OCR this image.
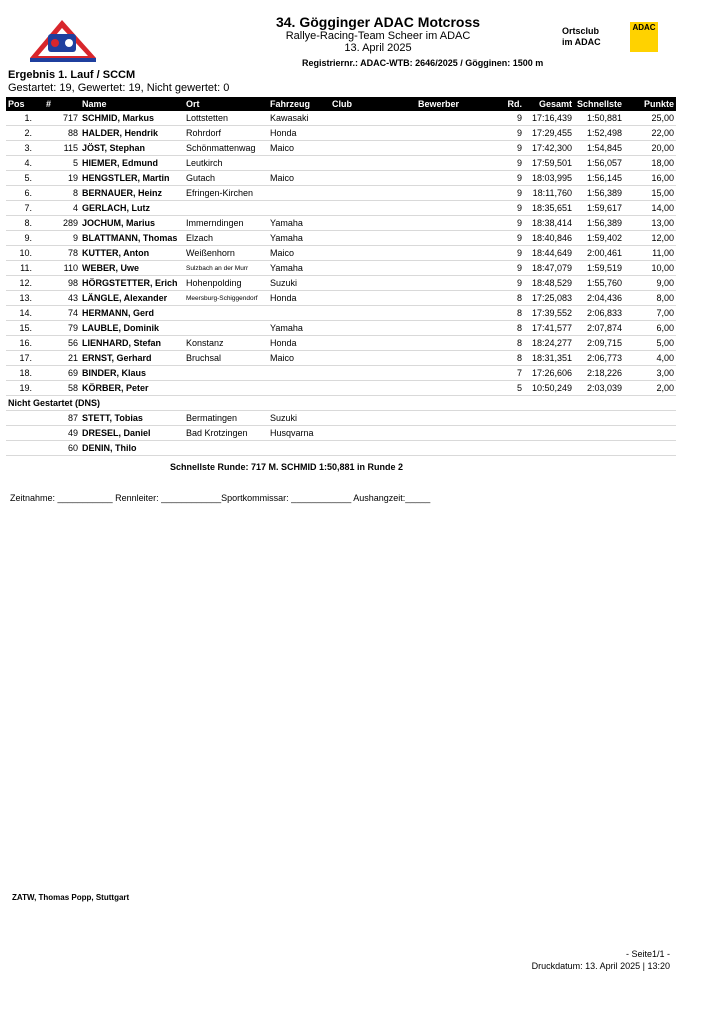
34. Gögginger ADAC Motcross
Rallye-Racing-Team Scheer im ADAC
13. April 2025
Registriernr.: ADAC-WTB: 2646/2025 / Gögginen: 1500 m
Ortsclub
im ADAC
ADAC
Ergebnis 1. Lauf / SCCM
Gestartet: 19, Gewertet: 19, Nicht gewertet: 0
Pos	#	Name	Ort	Fahrzeug	Club	Bewerber	Rd.	Gesamt	Schnellste	Punkte
1.	717	SCHMID, Markus	Lottstetten	Kawasaki			9	17:16,439	1:50,881	25,00
2.	88	HALDER, Hendrik	Rohrdorf	Honda			9	17:29,455	1:52,498	22,00
3.	115	JÖST, Stephan	Schönmattenwag	Maico			9	17:42,300	1:54,845	20,00
4.	5	HIEMER, Edmund	Leutkirch				9	17:59,501	1:56,057	18,00
5.	19	HENGSTLER, Martin	Gutach	Maico			9	18:03,995	1:56,145	16,00
6.	8	BERNAUER, Heinz	Efringen-Kirchen				9	18:11,760	1:56,389	15,00
7.	4	GERLACH, Lutz					9	18:35,651	1:59,617	14,00
8.	289	JOCHUM, Marius	Immerndingen	Yamaha			9	18:38,414	1:56,389	13,00
9.	9	BLATTMANN, Thomas	Elzach	Yamaha			9	18:40,846	1:59,402	12,00
10.	78	KUTTER, Anton	Weißenhorn	Maico			9	18:44,649	2:00,461	11,00
11.	110	WEBER, Uwe	Sulzbach an der Murr	Yamaha			9	18:47,079	1:59,519	10,00
12.	98	HÖRGSTETTER, Erich	Hohenpolding	Suzuki			9	18:48,529	1:55,760	9,00
13.	43	LÄNGLE, Alexander	Meersburg-Schiggendorf	Honda			8	17:25,083	2:04,436	8,00
14.	74	HERMANN, Gerd					8	17:39,552	2:06,833	7,00
15.	79	LAUBLE, Dominik		Yamaha			8	17:41,577	2:07,874	6,00
16.	56	LIENHARD, Stefan	Konstanz	Honda			8	18:24,277	2:09,715	5,00
17.	21	ERNST, Gerhard	Bruchsal	Maico			8	18:31,351	2:06,773	4,00
18.	69	BINDER, Klaus					7	17:26,606	2:18,226	3,00
19.	58	KÖRBER, Peter					5	10:50,249	2:03,039	2,00
Nicht Gestartet (DNS)										
	87	STETT, Tobias	Bermatingen	Suzuki						
	49	DRESEL, Daniel	Bad Krotzingen	Husqvarna						
	60	DENIN, Thilo								
Schnellste Runde: 717 M. SCHMID 1:50,881 in Runde 2
Zeitnahme: ___________ Rennleiter: ____________Sportkommissar: ____________ Aushangzeit:_____
ZATW, Thomas Popp, Stuttgart
- Seite1/1 -
Druckdatum: 13. April 2025 | 13:20
